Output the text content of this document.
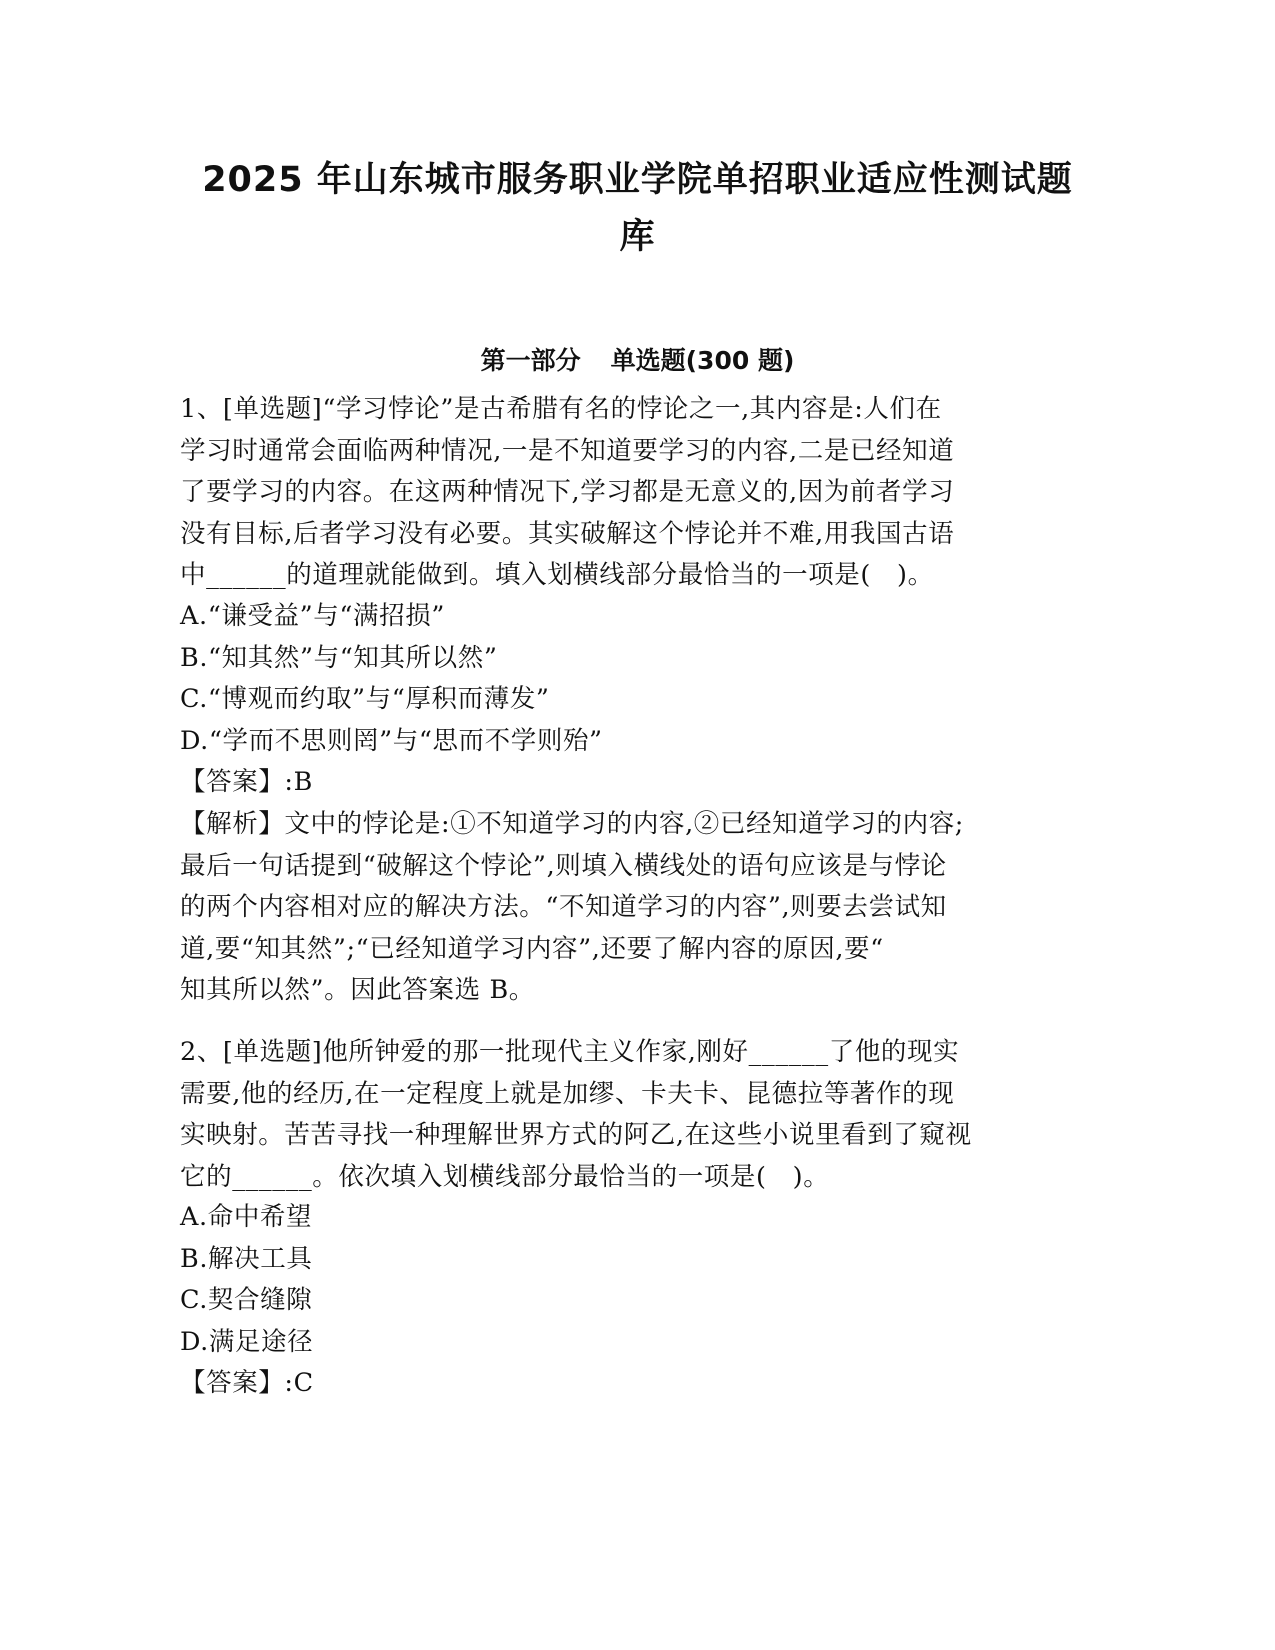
2025 年山东城市服务职业学院单招职业适应性测试题
库
第一部分 单选题(300 题)
1、[单选题]“学习悖论”是古希腊有名的悖论之一,其内容是:人们在
学习时通常会面临两种情况,一是不知道要学习的内容,二是已经知道
了要学习的内容。在这两种情况下,学习都是无意义的,因为前者学习
没有目标,后者学习没有必要。其实破解这个悖论并不难,用我国古语
中______的道理就能做到。填入划横线部分最恰当的一项是(　)。
A.“谦受益”与“满招损”
B.“知其然”与“知其所以然”
C.“博观而约取”与“厚积而薄发”
D.“学而不思则罔”与“思而不学则殆”
【答案】:B
【解析】文中的悖论是:①不知道学习的内容,②已经知道学习的内容;
最后一句话提到“破解这个悖论”,则填入横线处的语句应该是与悖论
的两个内容相对应的解决方法。“不知道学习的内容”,则要去尝试知
道,要“知其然”;“已经知道学习内容”,还要了解内容的原因,要“
知其所以然”。因此答案选 B。
2、[单选题]他所钟爱的那一批现代主义作家,刚好______了他的现实
需要,他的经历,在一定程度上就是加缪、卡夫卡、昆德拉等著作的现
实映射。苦苦寻找一种理解世界方式的阿乙,在这些小说里看到了窥视
它的______。依次填入划横线部分最恰当的一项是(　)。
A.命中希望
B.解决工具
C.契合缝隙
D.满足途径
【答案】:C
